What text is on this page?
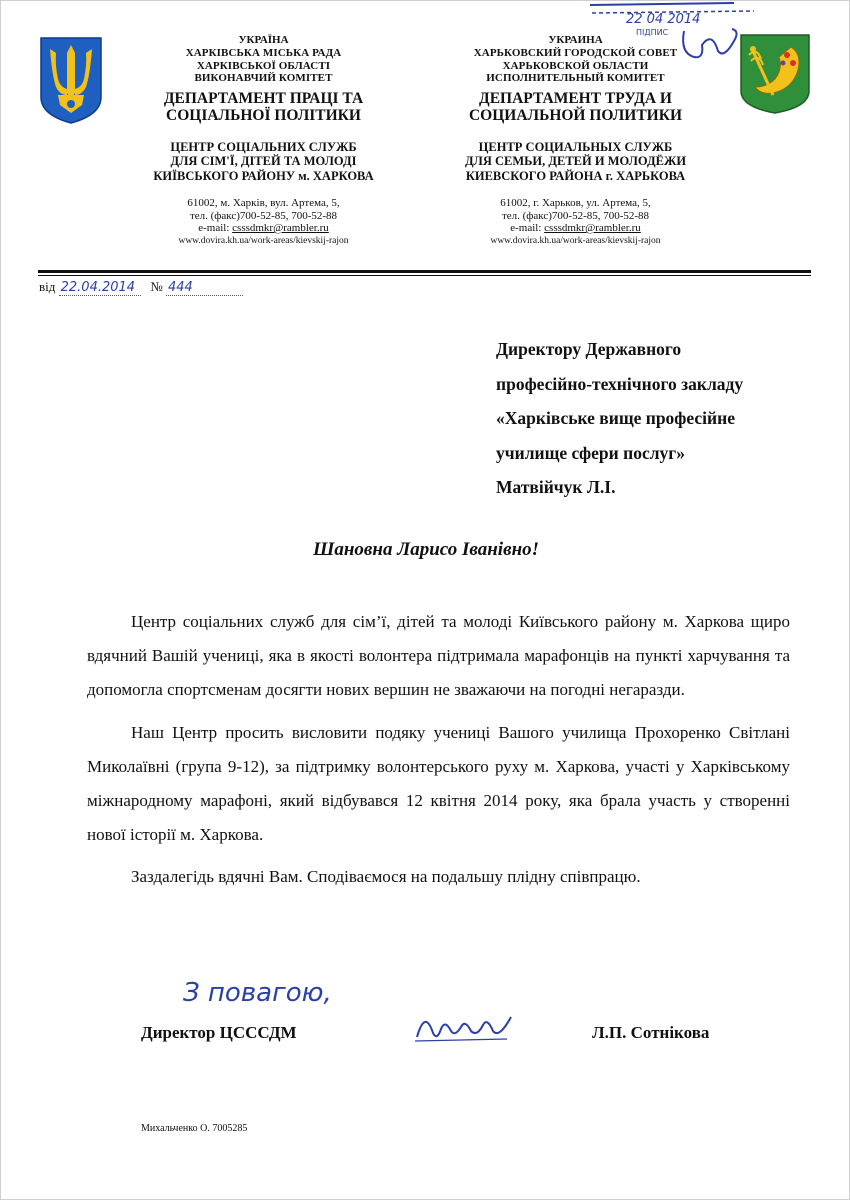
УКРАЇНА
ХАРКІВСЬКА МІСЬКА РАДА
ХАРКІВСЬКОЇ ОБЛАСТІ
ВИКОНАВЧИЙ КОМІТЕТ
ДЕПАРТАМЕНТ ПРАЦІ ТА
СОЦІАЛЬНОЇ ПОЛІТИКИ
ЦЕНТР СОЦІАЛЬНИХ СЛУЖБ
ДЛЯ СІМ'Ї, ДІТЕЙ ТА МОЛОДІ
КИЇВСЬКОГО РАЙОНУ м. ХАРКОВА
61002, м. Харків, вул. Артема, 5,
тел. (факс)700-52-85, 700-52-88
e-mail: csssdmkr@rambler.ru
www.dovira.kh.ua/work-areas/kievskij-rajon
УКРАИНА
ХАРЬКОВСКИЙ ГОРОДСКОЙ СОВЕТ
ХАРЬКОВСКОЙ ОБЛАСТИ
ИСПОЛНИТЕЛЬНЫЙ КОМИТЕТ
ДЕПАРТАМЕНТ ТРУДА И
СОЦИАЛЬНОЙ ПОЛИТИКИ
ЦЕНТР СОЦИАЛЬНЫХ СЛУЖБ
ДЛЯ СЕМЬИ, ДЕТЕЙ И МОЛОДЁЖИ
КИЕВСКОГО РАЙОНА г. ХАРЬКОВА
61002, г. Харьков, ул. Артема, 5,
тел. (факс)700-52-85, 700-52-88
e-mail: csssdmkr@rambler.ru
www.dovira.kh.ua/work-areas/kievskij-rajon
22 04 2014
ПІДПИС
від 22.04.2014 № 444
Директору Державного
професійно-технічного закладу
«Харківське вище професійне
училище сфери послуг»
Матвійчук Л.І.
Шановна Ларисо Іванівно!

Центр соціальних служб для сім’ї, дітей та молоді Київського району м. Харкова щиро вдячний Вашій учениці, яка в якості волонтера підтримала марафонців на пункті харчування та допомогла спортсменам досягти нових вершин не зважаючи на погодні негаразди.

Наш Центр просить висловити подяку учениці Вашого училища Прохоренко Світлані Миколаївні (група 9-12), за підтримку волонтерського руху м. Харкова, участі у Харківському міжнародному марафоні, який відбувався 12 квітня 2014 року, яка брала участь у створенні нової історії м. Харкова.

Заздалегідь вдячні Вам. Сподіваємося на подальшу плідну співпрацю.

З повагою,
Директор ЦСССДМ	Л.П. Сотнікова
Михальченко О. 7005285
